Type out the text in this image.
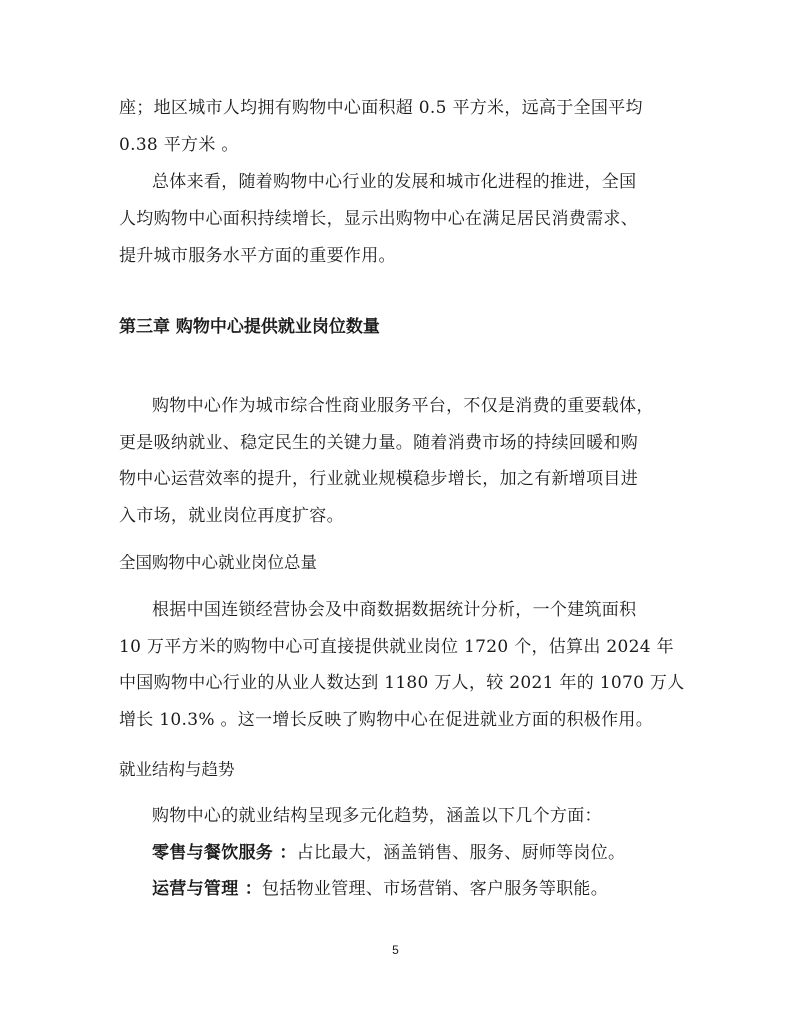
座；地区城市人均拥有购物中心面积超 0.5 平方米，远高于全国平均
0.38 平方米 。
总体来看，随着购物中心行业的发展和城市化进程的推进，全国
人均购物中心面积持续增长，显示出购物中心在满足居民消费需求、
提升城市服务水平方面的重要作用。
第三章 购物中心提供就业岗位数量
购物中心作为城市综合性商业服务平台，不仅是消费的重要载体，
更是吸纳就业、稳定民生的关键力量。随着消费市场的持续回暖和购
物中心运营效率的提升，行业就业规模稳步增长，加之有新增项目进
入市场，就业岗位再度扩容。
全国购物中心就业岗位总量
根据中国连锁经营协会及中商数据数据统计分析，一个建筑面积
10 万平方米的购物中心可直接提供就业岗位 1720 个，估算出 2024 年
中国购物中心行业的从业人数达到 1180 万人，较 2021 年的 1070 万人
增长 10.3% 。这一增长反映了购物中心在促进就业方面的积极作用。
就业结构与趋势
购物中心的就业结构呈现多元化趋势，涵盖以下几个方面：
零售与餐饮服务 ：占比最大，涵盖销售、服务、厨师等岗位。
运营与管理 ：包括物业管理、市场营销、客户服务等职能。
5
